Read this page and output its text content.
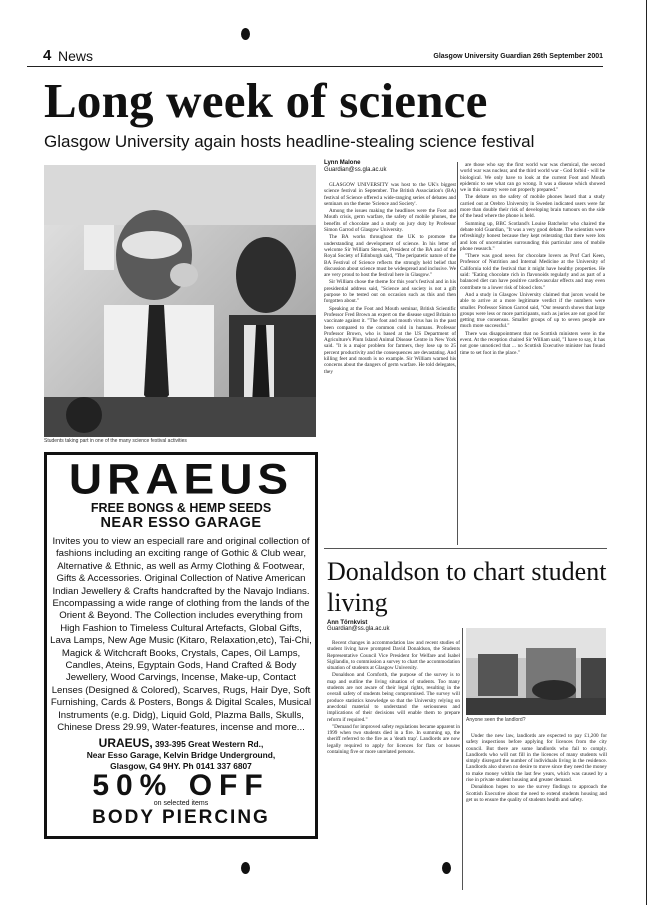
4 News	Glasgow University Guardian 26th September 2001
Long week of science
Glasgow University again hosts headline-stealing science festival
Students taking part in one of the many science festival activities
Lynn Malone
Guardian@ss.gla.ac.uk

GLASGOW UNIVERSITY was host to the UK's biggest science festival in September. The British Association's (BA) festival of Science offered a wide-ranging series of debates and seminars on the theme 'Science and Society'.

Among the issues making the headlines were the Foot and Mouth crisis, germ warfare, the safety of mobile phones, the benefits of chocolate and a study on jury duty by Professor Simon Garrod of Glasgow University.

The BA works throughout the UK to promote the understanding and development of science. In his letter of welcome Sir William Stewart, President of the BA and of the Royal Society of Edinburgh said, "The peripatetic nature of the BA Festival of Science reflects the strongly held belief that discussion about science must be widespread and inclusive. We are very proud to host the festival here in Glasgow."

Sir William chose the theme for this year's festival and in his presidential address said, "Science and society is not a gift purpose to be tested out on occasion such as this and then forgotten about."

Speaking at the Foot and Mouth seminar, British Scientific Professor Fred Brown an expert on the disease urged Britain to vaccinate against it. "The foot and mouth virus has in the past been compared to the common cold in humans. Professor Professor Brown, who is based at the US Department of Agriculture's Plum Island Animal Disease Centre in New York said. "It is a major problem for farmers, they lose up to 25 percent productivity and the consequences are devastating. And killing feet and mouth is no example. Sir William warned his concerns about the dangers of germ warfare. He told delegates, they

are those who say the first world war was chemical, the second world war was nuclear, and the third world war - God forbid - will be biological. We only have to look at the current Foot and Mouth epidemic to see what can go wrong. It was a disease which showed we in this country were not properly prepared."

The debate on the safety of mobile phones heard that a study carried out at Orebro University in Sweden indicated users were far more than double their risk of developing brain tumours on the side of the head where the phone is held.

Summing up, BBC Scotland's Louise Batchelor who chaired the debate told Guardian, "It was a very good debate. The scientists were refreshingly honest because they kept reiterating that there were lots and lots of uncertainties surrounding this particular area of mobile phone research."

"There was good news for chocolate lovers as Prof Carl Keen, Professor of Nutrition and Internal Medicine at the University of California told the festival that it might have healthy properties. He said: "Eating chocolate rich in flavonoids regularly and as part of a balanced diet can have positive cardiovascular effects and may even contribute to a lower risk of blood clots."

And a study in Glasgow University claimed that jurors would be able to arrive at a more legitimate verdict if the numbers were smaller. Professor Simon Garrod said, "Our research shows that large groups were less or more participants, such as juries are not good for getting true consensus. Smaller groups of up to seven people are much more successful."

There was disappointment that no Scottish ministers were in the event. At the reception chaired Sir William said, "I have to say, it has not gone unnoticed that ... no Scottish Executive minister has found time to set foot in the place."

URAEUS
FREE BONGS & HEMP SEEDS
NEAR ESSO GARAGE
Invites you to view an especiall rare and original collection of fashions including an exciting range of Gothic & Club wear, Alternative & Ethnic, as well as Army Clothing & Footwear, Gifts & Accessories. Original Collection of Native American Indian Jewellery & Crafts handcrafted by the Navajo Indians. Encompassing a wide range of clothing from the lands of the Orient & Beyond. The Collection includes everything from High Fashion to Timeless Cultural Artefacts, Global Gifts, Lava Lamps, New Age Music (Kitaro, Relaxation,etc), Tai-Chi, Magick & Witchcraft Books, Crystals, Capes, Oil Lamps, Candles, Ateins, Egyptain Gods, Hand Crafted & Body Jewellery, Wood Carvings, Incense, Make-up, Contact Lenses (Designed & Colored), Scarves, Rugs, Hair Dye, Soft Furnishing, Cards & Posters, Bongs & Digital Scales, Musical Instruments (e.g. Didg), Liquid Gold, Plazma Balls, Skulls, Chinese Dress 29.99, Water-features, incense and more...
URAEUS, 393-395 Great Western Rd.,
Near Esso Garage, Kelvin Bridge Underground,
Glasgow, G4 9HY. Ph 0141 337 6807
50% OFF
on selected items
BODY PIERCING
Donaldson to chart student living
Ann Törnkvist
Guardian@ss.gla.ac.uk

Recent changes in accommodation law and recent studies of student living have prompted David Donaldson, the Students Representative Council Vice President for Welfare and Isabel Sigilandin, to commission a survey to chart the accommodation situation of students at Glasgow University.

Donaldson and Cornforth, the purpose of the survey is to map and outline the living situation of students. Too many students are not aware of their legal rights, resulting in the overall safety of students being compromised. The survey will produce statistics knowledge so that the University relying on anecdotal material to understand the seriousness and implications of their decisions will enable them to prepare reform if required."

"Demand for improved safety regulations became apparent in 1999 when two students died in a fire. In summing up, the sheriff referred to the fire as a 'death trap'. Landlords are now legally required to apply for licences for flats or houses containing five or more unrelated persons.

Anyone seen the landlord?

Under the new law, landlords are expected to pay £1,200 for safety inspections before applying for licences from the city council. But there are some landlords who fail to comply. Landlords who will not fill in the licences of many students will simply disregard the number of individuals living in the residence. Landlords also shown no desire to move since they need the money to make money within the last few years, which was caused by a rise in private student housing and greater demand.

Donaldson hopes to use the survey findings to approach the Scottish Executive about the need to extend students housing and get us to ensure the quality of students health and safety.
